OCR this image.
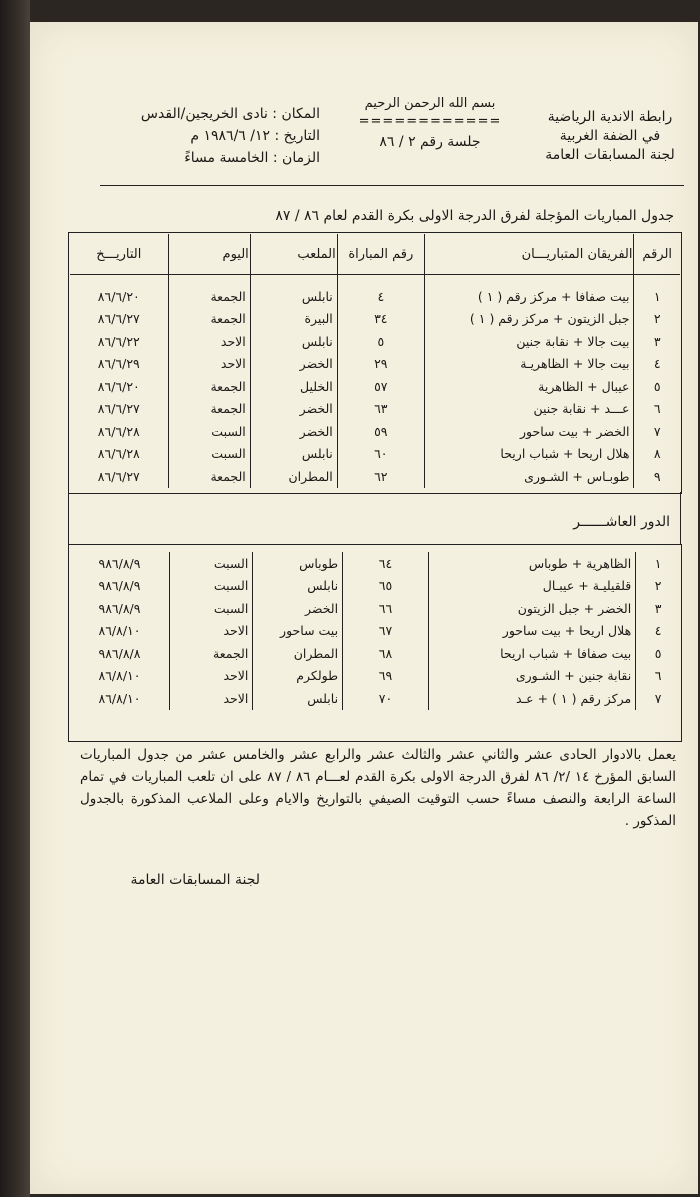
رابطة الاندية الرياضية
في الضفة الغربية
لجنة المسابقات العامة
بسم الله الرحمن الرحيم
============
جلسة رقم ٢ / ٨٦
المكان : نادى الخريجين/القدس
التاريخ : ١٢/ ١٩٨٦/٦ م
الزمان : الخامسة مساءً
جدول المباريات المؤجلة لفرق الدرجة الاولى بكرة القدم لعام ٨٦ / ٨٧
الرقم	الفريقان المتباريـــان	رقم المباراة	الملعب	اليوم	التاريـــخ

١	بيت صفافا + مركز رقم ( ١ )	٤	نابلس	الجمعة	٨٦/٦/٢٠
٢	جبل الزيتون + مركز رقم ( ١ )	٣٤	البيرة	الجمعة	٨٦/٦/٢٧
٣	بيت جالا + نقابة جنين	٥	نابلس	الاحد	٨٦/٦/٢٢
٤	بيت جالا + الظاهريـة	٢٩	الخضر	الاحد	٨٦/٦/٢٩
٥	عيبال + الظاهرية	٥٧	الخليل	الجمعة	٨٦/٦/٢٠
٦	عـــد + نقابة جنين	٦٣	الخضر	الجمعة	٨٦/٦/٢٧
٧	الخضر + بيت ساحور	٥٩	الخضر	السبت	٨٦/٦/٢٨
٨	هلال اريحا + شباب اريحا	٦٠	نابلس	السبت	٨٦/٦/٢٨
٩	طوبـاس + الشـورى	٦٢	المطران	الجمعة	٨٦/٦/٢٧
الدور العاشــــــر
١	الظاهرية + طوباس	٦٤	طوباس	السبت	٩٨٦/٨/٩
٢	قلقيليـة + عيبـال	٦٥	نابلس	السبت	٩٨٦/٨/٩
٣	الخضر + جبل الزيتون	٦٦	الخضر	السبت	٩٨٦/٨/٩
٤	هلال اريحا + بيت ساحور	٦٧	بيت ساحور	الاحد	٨٦/٨/١٠
٥	بيت صفافا + شباب اريحا	٦٨	المطران	الجمعة	٩٨٦/٨/٨
٦	نقابة جنين + الشـورى	٦٩	طولكرم	الاحد	٨٦/٨/١٠
٧	مركز رقم ( ١ ) + عـد	٧٠	نابلس	الاحد	٨٦/٨/١٠
يعمل بالادوار الحادى عشر والثاني عشر والثالث عشر والرابع عشر والخامس عشر من جدول المباريات السابق المؤرخ ١٤ /٢/ ٨٦ لفرق الدرجة الاولى بكرة القدم لعـــام ٨٦ / ٨٧ على ان تلعب المباريات في تمام الساعة الرابعة والنصف مساءً حسب التوقيت الصيفي بالتواريخ والايام وعلى الملاعب المذكورة بالجدول المذكور .
لجنة المسابقات العامة
